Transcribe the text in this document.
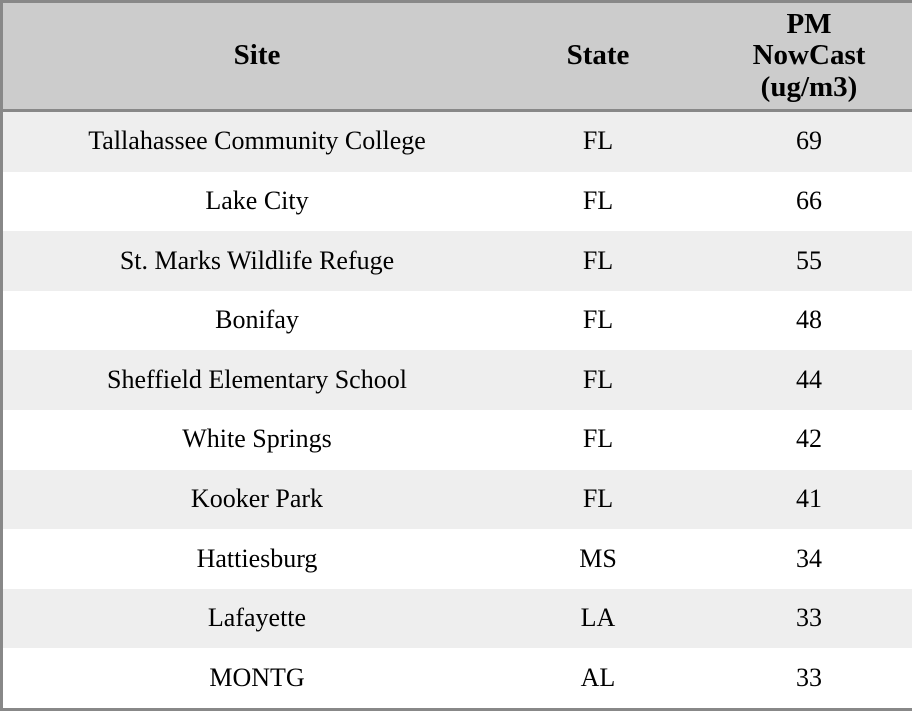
Site	State	PM
NowCast
(ug/m3)

Tallahassee Community College	FL	69
Lake City	FL	66
St. Marks Wildlife Refuge	FL	55
Bonifay	FL	48
Sheffield Elementary School	FL	44
White Springs	FL	42
Kooker Park	FL	41
Hattiesburg	MS	34
Lafayette	LA	33
MONTG	AL	33
